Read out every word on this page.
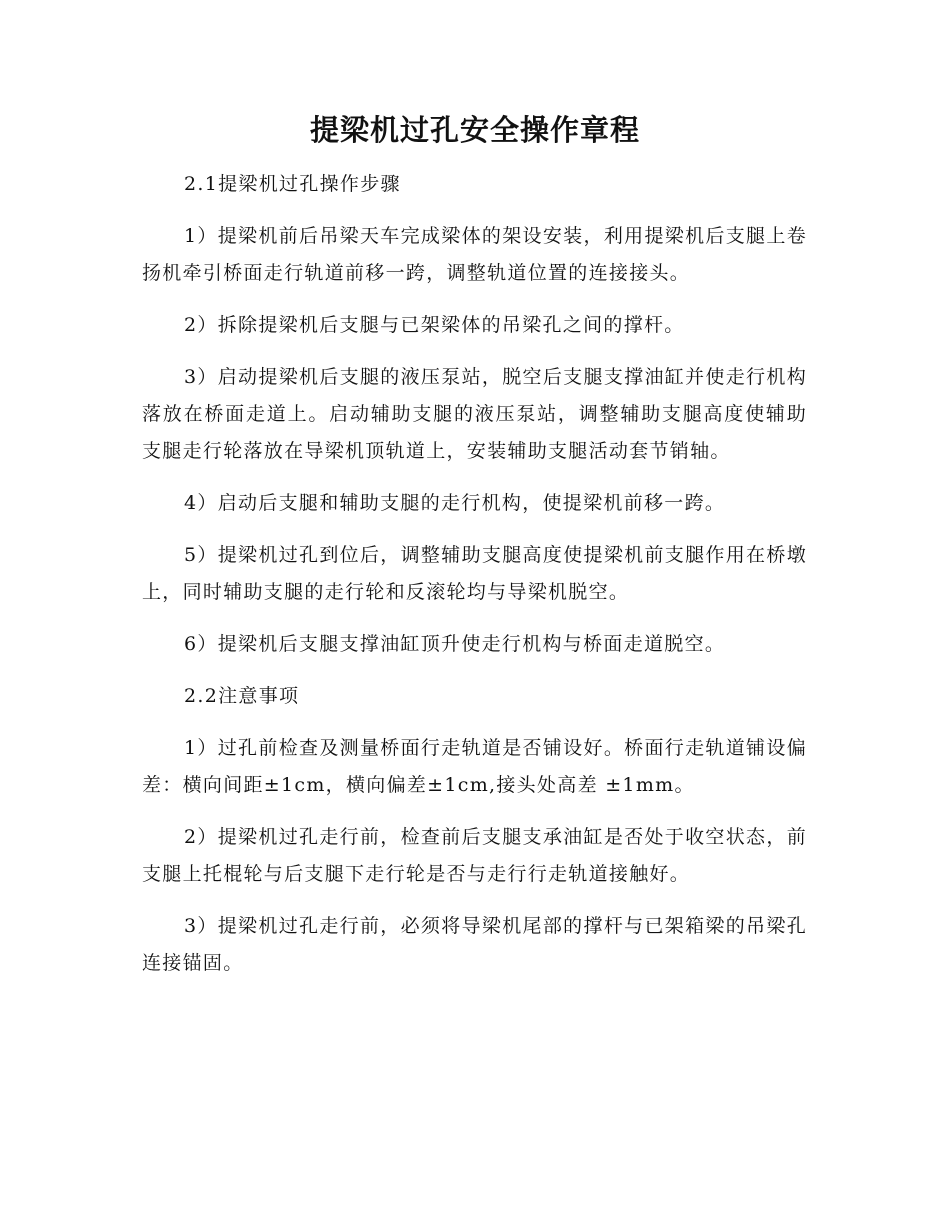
提梁机过孔安全操作章程

2.1提梁机过孔操作步骤

1）提梁机前后吊梁天车完成梁体的架设安装，利用提梁机后支腿上卷扬机牵引桥面走行轨道前移一跨，调整轨道位置的连接接头。

2）拆除提梁机后支腿与已架梁体的吊梁孔之间的撑杆。

3）启动提梁机后支腿的液压泵站，脱空后支腿支撑油缸并使走行机构落放在桥面走道上。启动辅助支腿的液压泵站，调整辅助支腿高度使辅助支腿走行轮落放在导梁机顶轨道上，安装辅助支腿活动套节销轴。

4）启动后支腿和辅助支腿的走行机构，使提梁机前移一跨。

5）提梁机过孔到位后，调整辅助支腿高度使提梁机前支腿作用在桥墩上，同时辅助支腿的走行轮和反滚轮均与导梁机脱空。

6）提梁机后支腿支撑油缸顶升使走行机构与桥面走道脱空。

2.2注意事项

1）过孔前检查及测量桥面行走轨道是否铺设好。桥面行走轨道铺设偏差：横向间距±1cm，横向偏差±1cm,接头处高差 ±1mm。

2）提梁机过孔走行前，检查前后支腿支承油缸是否处于收空状态，前支腿上托棍轮与后支腿下走行轮是否与走行行走轨道接触好。

3）提梁机过孔走行前，必须将导梁机尾部的撑杆与已架箱梁的吊梁孔连接锚固。
